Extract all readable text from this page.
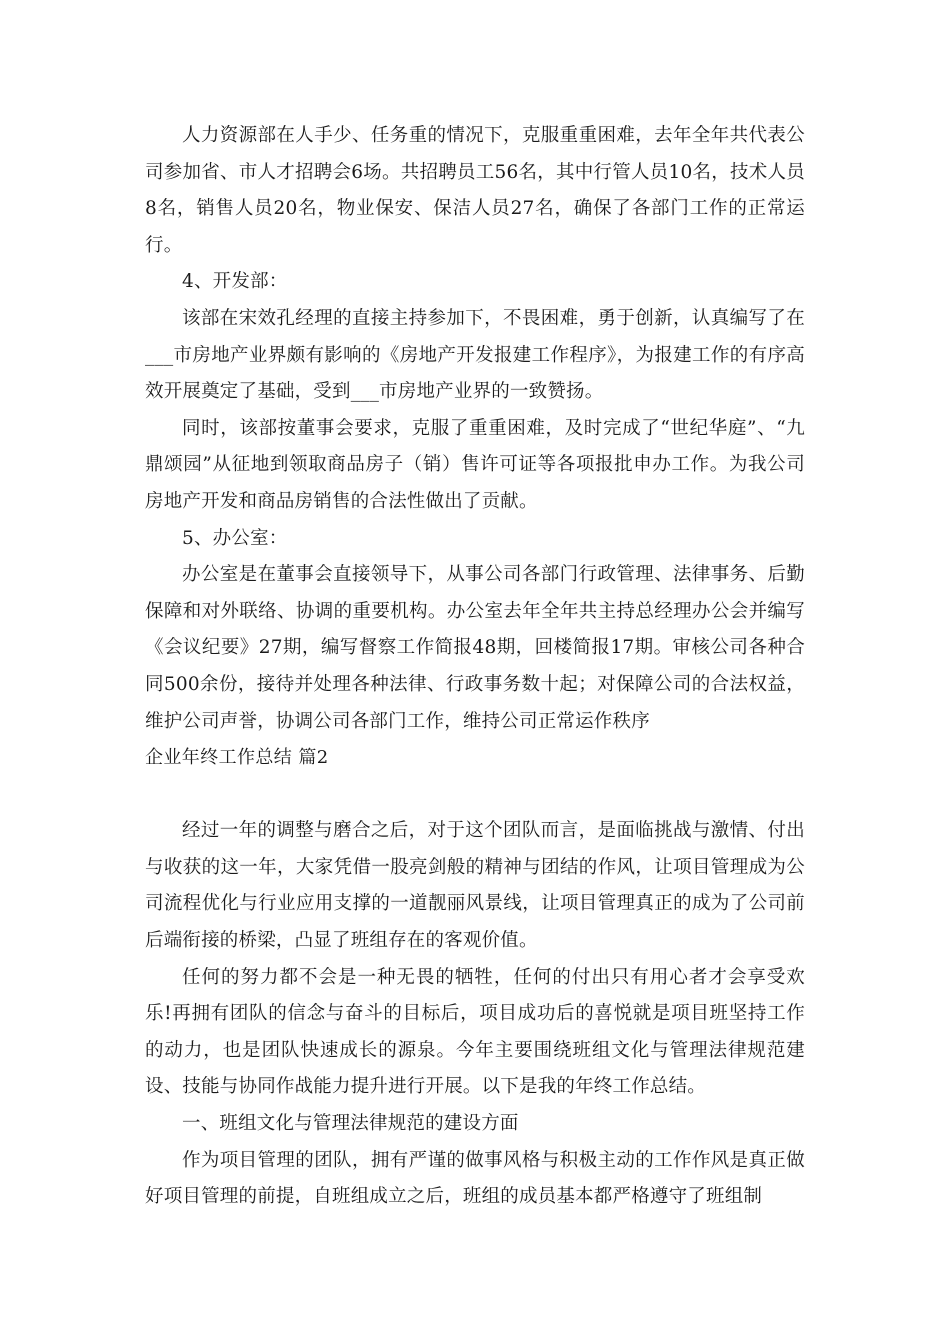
人力资源部在人手少、任务重的情况下，克服重重困难，去年全年共代表公司参加省、市人才招聘会6场。共招聘员工56名，其中行管人员10名，技术人员8名，销售人员20名，物业保安、保洁人员27名，确保了各部门工作的正常运行。

4、开发部：

该部在宋效孔经理的直接主持参加下，不畏困难，勇于创新，认真编写了在___市房地产业界颇有影响的《房地产开发报建工作程序》，为报建工作的有序高效开展奠定了基础，受到___市房地产业界的一致赞扬。

同时，该部按董事会要求，克服了重重困难，及时完成了“世纪华庭”、“九鼎颂园”从征地到领取商品房子（销）售许可证等各项报批申办工作。为我公司房地产开发和商品房销售的合法性做出了贡献。

5、办公室：

办公室是在董事会直接领导下，从事公司各部门行政管理、法律事务、后勤保障和对外联络、协调的重要机构。办公室去年全年共主持总经理办公会并编写《会议纪要》27期，编写督察工作简报48期，回楼简报17期。审核公司各种合同500余份，接待并处理各种法律、行政事务数十起；对保障公司的合法权益，维护公司声誉，协调公司各部门工作，维持公司正常运作秩序

企业年终工作总结 篇2

经过一年的调整与磨合之后，对于这个团队而言，是面临挑战与激情、付出与收获的这一年，大家凭借一股亮剑般的精神与团结的作风，让项目管理成为公司流程优化与行业应用支撑的一道靓丽风景线，让项目管理真正的成为了公司前后端衔接的桥梁，凸显了班组存在的客观价值。

任何的努力都不会是一种无畏的牺牲，任何的付出只有用心者才会享受欢乐!再拥有团队的信念与奋斗的目标后，项目成功后的喜悦就是项目班坚持工作的动力，也是团队快速成长的源泉。今年主要围绕班组文化与管理法律规范建设、技能与协同作战能力提升进行开展。以下是我的年终工作总结。

一、班组文化与管理法律规范的建设方面

作为项目管理的团队，拥有严谨的做事风格与积极主动的工作作风是真正做好项目管理的前提，自班组成立之后，班组的成员基本都严格遵守了班组制
